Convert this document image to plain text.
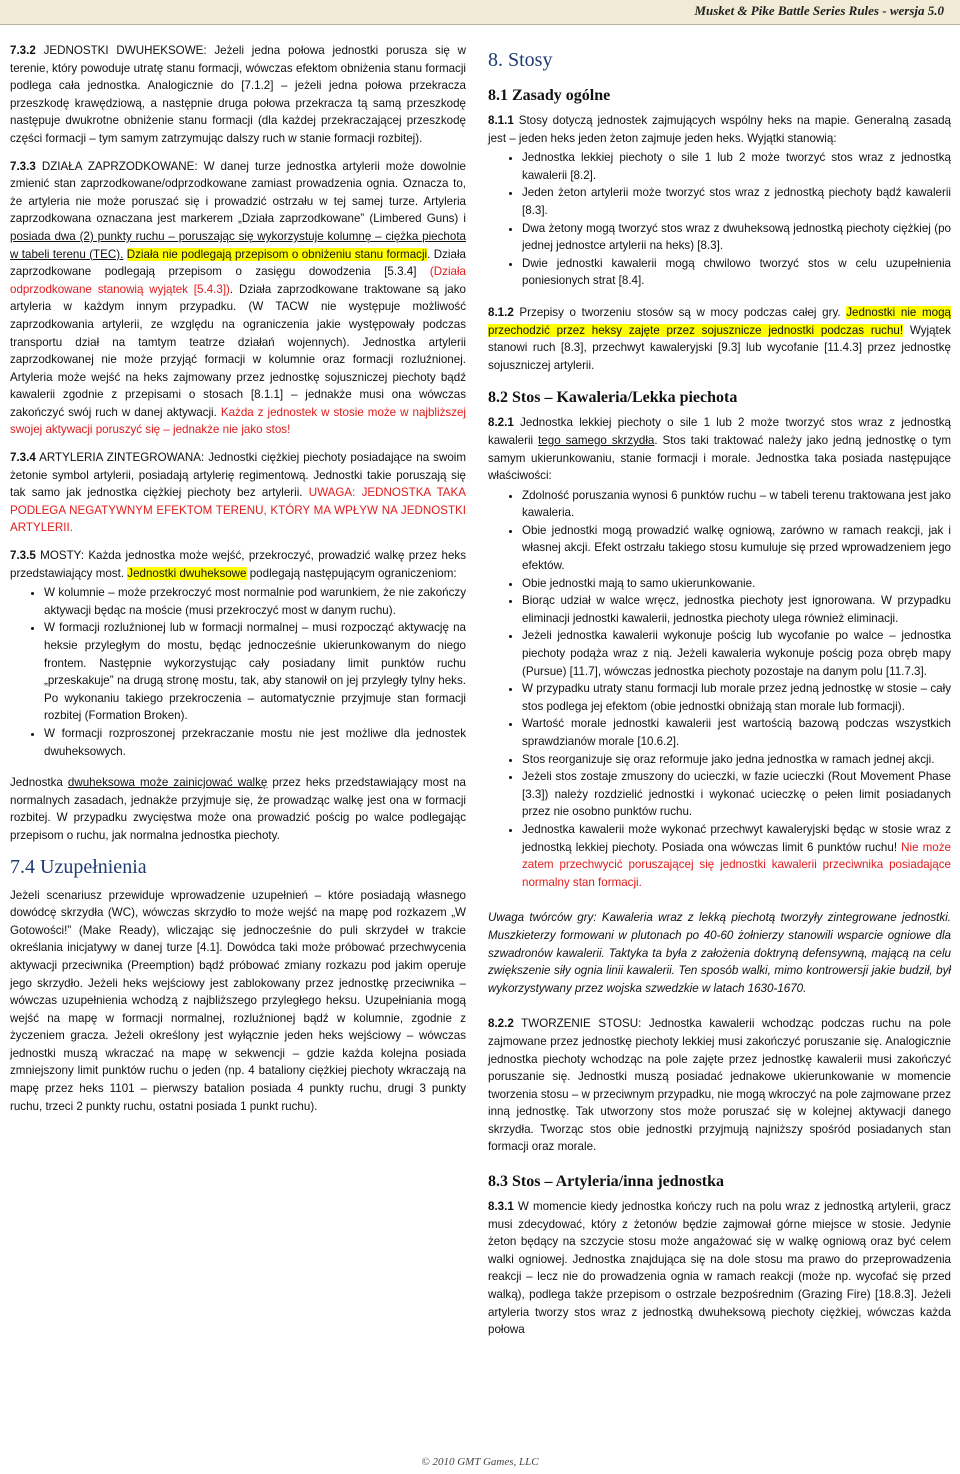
Musket & Pike Battle Series Rules - wersja 5.0

7.3.2 JEDNOSTKI DWUHEKSOWE: Jeżeli jedna połowa jednostki porusza się w terenie, który powoduje utratę stanu formacji, wówczas efektom obniżenia stanu formacji podlega cała jednostka. Analogicznie do [7.1.2] – jeżeli jedna połowa przekracza przeszkodę krawędziową, a następnie druga połowa przekracza tą samą przeszkodę następuje dwukrotne obniżenie stanu formacji (dla każdej przekraczającej przeszkodę części formacji – tym samym zatrzymując dalszy ruch w stanie formacji rozbitej).

7.3.3 DZIAŁA ZAPRZODKOWANE: W danej turze jednostka artylerii może dowolnie zmienić stan zaprzodkowane/odprzodkowane zamiast prowadzenia ognia. Oznacza to, że artyleria nie może poruszać się i prowadzić ostrzału w tej samej turze. Artyleria zaprzodkowana oznaczana jest markerem „Działa zaprzodkowane” (Limbered Guns) i posiada dwa (2) punkty ruchu – poruszając się wykorzystuje kolumnę – ciężka piechota w tabeli terenu (TEC). Działa nie podlegają przepisom o obniżeniu stanu formacji. Działa zaprzodkowane podlegają przepisom o zasięgu dowodzenia [5.3.4] (Działa odprzodkowane stanowią wyjątek [5.4.3]). Działa zaprzodkowane traktowane są jako artyleria w każdym innym przypadku. (W TACW nie występuje możliwość zaprzodkowania artylerii, ze względu na ograniczenia jakie występowały podczas transportu dział na tamtym teatrze działań wojennych). Jednostka artylerii zaprzodkowanej nie może przyjąć formacji w kolumnie oraz formacji rozluźnionej. Artyleria może wejść na heks zajmowany przez jednostkę sojuszniczej piechoty bądź kawalerii zgodnie z przepisami o stosach [8.1.1] – jednakże musi ona wówczas zakończyć swój ruch w danej aktywacji. Każda z jednostek w stosie może w najbliższej swojej aktywacji poruszyć się – jednakże nie jako stos!

7.3.4 ARTYLERIA ZINTEGROWANA: Jednostki ciężkiej piechoty posiadające na swoim żetonie symbol artylerii, posiadają artylerię regimentową. Jednostki takie poruszają się tak samo jak jednostka ciężkiej piechoty bez artylerii. UWAGA: JEDNOSTKA TAKA PODLEGA NEGATYWNYM EFEKTOM TERENU, KTÓRY MA WPŁYW NA JEDNOSTKI ARTYLERII.

7.3.5 MOSTY: Każda jednostka może wejść, przekroczyć, prowadzić walkę przez heks przedstawiający most. Jednostki dwuheksowe podlegają następującym ograniczeniom:

• W kolumnie – może przekroczyć most normalnie pod warunkiem, że nie zakończy aktywacji będąc na moście (musi przekroczyć most w danym ruchu).
• W formacji rozluźnionej lub w formacji normalnej – musi rozpocząć aktywację na heksie przyległym do mostu, będąc jednocześnie ukierunkowanym do niego frontem. Następnie wykorzystując cały posiadany limit punktów ruchu „przeskakuje” na drugą stronę mostu, tak, aby stanowił on jej przyległy tylny heks. Po wykonaniu takiego przekroczenia – automatycznie przyjmuje stan formacji rozbitej (Formation Broken).
• W formacji rozproszonej przekraczanie mostu nie jest możliwe dla jednostek dwuheksowych.

Jednostka dwuheksowa może zainicjować walkę przez heks przedstawiający most na normalnych zasadach, jednakże przyjmuje się, że prowadząc walkę jest ona w formacji rozbitej. W przypadku zwycięstwa może ona prowadzić pościg po walce podlegając przepisom o ruchu, jak normalna jednostka piechoty.

7.4 Uzupełnienia

Jeżeli scenariusz przewiduje wprowadzenie uzupełnień – które posiadają własnego dowódcę skrzydła (WC), wówczas skrzydło to może wejść na mapę pod rozkazem „W Gotowości!” (Make Ready), wliczając się jednocześnie do puli skrzydeł w trakcie określania inicjatywy w danej turze [4.1]. Dowódca taki może próbować przechwycenia aktywacji przeciwnika (Preemption) bądź próbować zmiany rozkazu pod jakim operuje jego skrzydło. Jeżeli heks wejściowy jest zablokowany przez jednostkę przeciwnika – wówczas uzupełnienia wchodzą z najbliższego przyległego heksu. Uzupełniania mogą wejść na mapę w formacji normalnej, rozluźnionej bądź w kolumnie, zgodnie z życzeniem gracza. Jeżeli określony jest wyłącznie jeden heks wejściowy – wówczas jednostki muszą wkraczać na mapę w sekwencji – gdzie każda kolejna posiada zmniejszony limit punktów ruchu o jeden (np. 4 bataliony ciężkiej piechoty wkraczają na mapę przez heks 1101 – pierwszy batalion posiada 4 punkty ruchu, drugi 3 punkty ruchu, trzeci 2 punkty ruchu, ostatni posiada 1 punkt ruchu).

8. Stosy
8.1 Zasady ogólne

8.1.1 Stosy dotyczą jednostek zajmujących wspólny heks na mapie. Generalną zasadą jest – jeden heks jeden żeton zajmuje jeden heks. Wyjątki stanowią:

• Jednostka lekkiej piechoty o sile 1 lub 2 może tworzyć stos wraz z jednostką kawalerii [8.2].
• Jeden żeton artylerii może tworzyć stos wraz z jednostką piechoty bądź kawalerii [8.3].
• Dwa żetony mogą tworzyć stos wraz z dwuheksową jednostką piechoty ciężkiej (po jednej jednostce artylerii na heks) [8.3].
• Dwie jednostki kawalerii mogą chwilowo tworzyć stos w celu uzupełnienia poniesionych strat [8.4].

8.1.2 Przepisy o tworzeniu stosów są w mocy podczas całej gry. Jednostki nie mogą przechodzić przez heksy zajęte przez sojusznicze jednostki podczas ruchu! Wyjątek stanowi ruch [8.3], przechwyt kawaleryjski [9.3] lub wycofanie [11.4.3] przez jednostkę sojuszniczej artylerii.

8.2 Stos – Kawaleria/Lekka piechota

8.2.1 Jednostka lekkiej piechoty o sile 1 lub 2 może tworzyć stos wraz z jednostką kawalerii tego samego skrzydła. Stos taki traktować należy jako jedną jednostkę o tym samym ukierunkowaniu, stanie formacji i morale. Jednostka taka posiada następujące właściwości:

• Zdolność poruszania wynosi 6 punktów ruchu – w tabeli terenu traktowana jest jako kawaleria.
• Obie jednostki mogą prowadzić walkę ogniową, zarówno w ramach reakcji, jak i własnej akcji. Efekt ostrzału takiego stosu kumuluje się przed wprowadzeniem jego efektów.
• Obie jednostki mają to samo ukierunkowanie.
• Biorąc udział w walce wręcz, jednostka piechoty jest ignorowana. W przypadku eliminacji jednostki kawalerii, jednostka piechoty ulega również eliminacji.
• Jeżeli jednostka kawalerii wykonuje pościg lub wycofanie po walce – jednostka piechoty podąża wraz z nią. Jeżeli kawaleria wykonuje pościg poza obręb mapy (Pursue) [11.7], wówczas jednostka piechoty pozostaje na danym polu [11.7.3].
• W przypadku utraty stanu formacji lub morale przez jedną jednostkę w stosie – cały stos podlega jej efektom (obie jednostki obniżają stan morale lub formacji).
• Wartość morale jednostki kawalerii jest wartością bazową podczas wszystkich sprawdzianów morale [10.6.2].
• Stos reorganizuje się oraz reformuje jako jedna jednostka w ramach jednej akcji.
• Jeżeli stos zostaje zmuszony do ucieczki, w fazie ucieczki (Rout Movement Phase [3.3]) należy rozdzielić jednostki i wykonać ucieczkę o pełen limit posiadanych przez nie osobno punktów ruchu.
• Jednostka kawalerii może wykonać przechwyt kawaleryjski będąc w stosie wraz z jednostką lekkiej piechoty. Posiada ona wówczas limit 6 punktów ruchu! Nie może zatem przechwycić poruszającej się jednostki kawalerii przeciwnika posiadające normalny stan formacji.

Uwaga twórców gry: Kawaleria wraz z lekką piechotą tworzyły zintegrowane jednostki. Muszkieterzy formowani w plutonach po 40-60 żołnierzy stanowili wsparcie ogniowe dla szwadronów kawalerii. Taktyka ta była z założenia doktryną defensywną, mającą na celu zwiększenie siły ognia linii kawalerii. Ten sposób walki, mimo kontrowersji jakie budził, był wykorzystywany przez wojska szwedzkie w latach 1630-1670.

8.2.2 TWORZENIE STOSU: Jednostka kawalerii wchodząc podczas ruchu na pole zajmowane przez jednostkę piechoty lekkiej musi zakończyć poruszanie się. Analogicznie jednostka piechoty wchodząc na pole zajęte przez jednostkę kawalerii musi zakończyć poruszanie się. Jednostki muszą posiadać jednakowe ukierunkowanie w momencie tworzenia stosu – w przeciwnym przypadku, nie mogą wkroczyć na pole zajmowane przez inną jednostkę. Tak utworzony stos może poruszać się w kolejnej aktywacji danego skrzydła. Tworząc stos obie jednostki przyjmują najniższy spośród posiadanych stan formacji oraz morale.

8.3 Stos – Artyleria/inna jednostka

8.3.1 W momencie kiedy jednostka kończy ruch na polu wraz z jednostką artylerii, gracz musi zdecydować, który z żetonów będzie zajmował górne miejsce w stosie. Jedynie żeton będący na szczycie stosu może angażować się w walkę ogniową oraz być celem walki ogniowej. Jednostka znajdująca się na dole stosu ma prawo do przeprowadzenia reakcji – lecz nie do prowadzenia ognia w ramach reakcji (może np. wycofać się przed walką), podlega także przepisom o ostrzale bezpośrednim (Grazing Fire) [18.8.3]. Jeżeli artyleria tworzy stos wraz z jednostką dwuheksową piechoty ciężkiej, wówczas każda połowa

© 2010 GMT Games, LLC
